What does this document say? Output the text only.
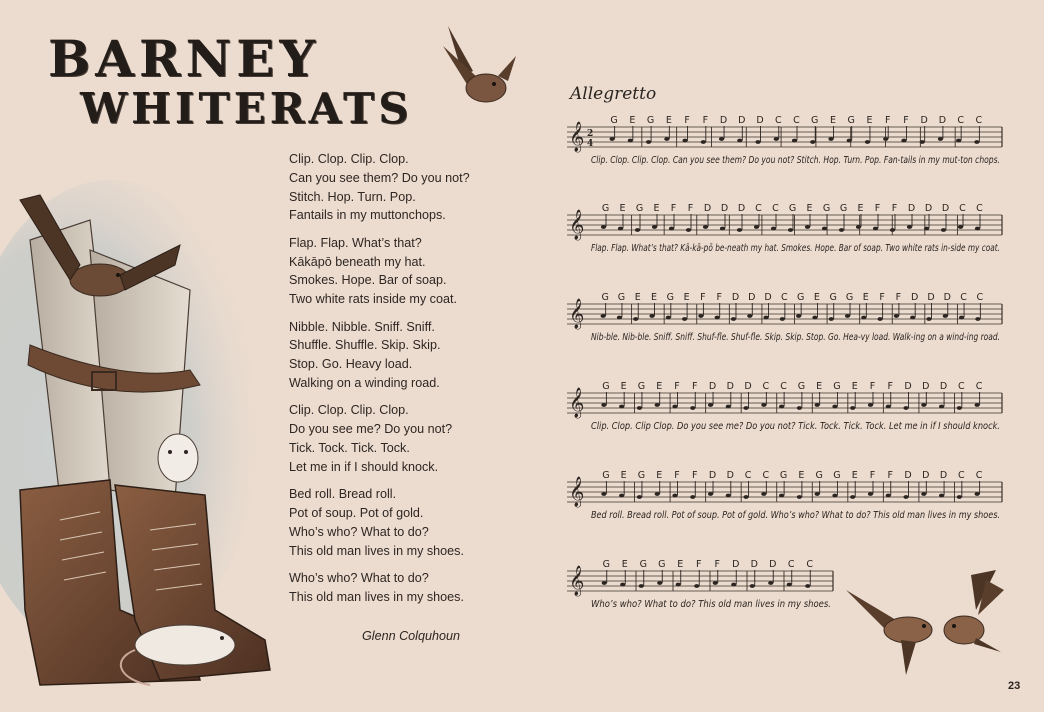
BARNEY
WHITERATS
Clip. Clop. Clip. Clop.
Can you see them? Do you not?
Stitch. Hop. Turn. Pop.
Fantails in my muttonchops.
Flap. Flap. What’s that?
Kākāpō beneath my hat.
Smokes. Hope. Bar of soap.
Two white rats inside my coat.
Nibble. Nibble. Sniff. Sniff.
Shuffle. Shuffle. Skip. Skip.
Stop. Go. Heavy load.
Walking on a winding road.
Clip. Clop. Clip. Clop.
Do you see me? Do you not?
Tick. Tock. Tick. Tock.
Let me in if I should knock.
Bed roll. Bread roll.
Pot of soup. Pot of gold.
Who’s who? What to do?
This old man lives in my shoes.
Who’s who? What to do?
This old man lives in my shoes.
Glenn Colquhoun
Allegretto
𝄞 2
4
G E G E F F D D D C C G E G E F F D D C C
Clip. Clop. Clip. Clop. Can you see them? Do you not? Stitch. Hop. Turn. Pop. Fan-tails in my mut-ton chops.
𝄞
G E G E F F D D D C C G E G G E F F D D D C C
Flap. Flap. What’s that? Kā-kā-pō be-neath my hat. Smokes. Hope. Bar of soap. Two white rats in-side my coat.
𝄞
G G E E G E F F D D D C G E G G E F F D D D C C
Nib-ble. Nib-ble. Sniff. Sniff. Shuf-fle. Shuf-fle. Skip. Skip. Stop. Go. Hea-vy load. Walk-ing on a wind-ing road.
𝄞
G E G E F F D D D C C G E G E F F D D D C C
Clip. Clop. Clip Clop. Do you see me? Do you not? Tick. Tock. Tick. Tock. Let me in if I should knock.
𝄞
G E G E F F D D C C G E G G E F F D D D C C
Bed roll. Bread roll. Pot of soup. Pot of gold. Who’s who? What to do? This old man lives in my shoes.
𝄞
G E G G E F F D D D C C
Who’s who? What to do? This old man lives in my shoes.
23
